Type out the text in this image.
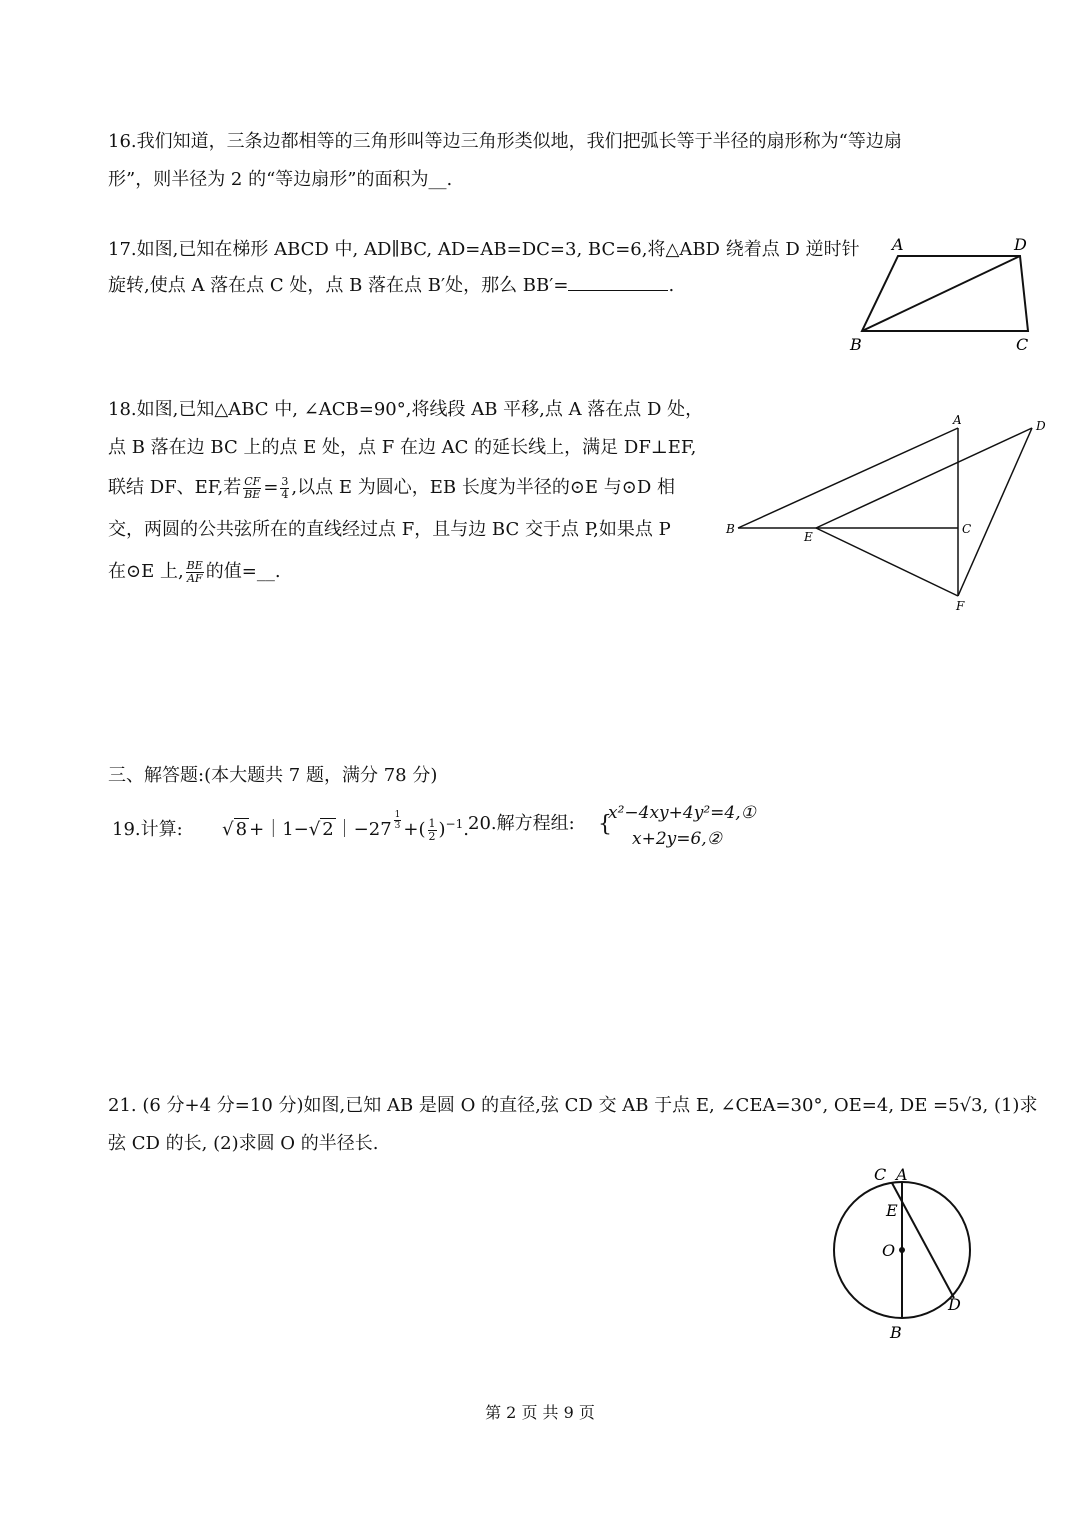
16.我们知道，三条边都相等的三角形叫等边三角形类似地，我们把弧长等于半径的扇形称为“等边扇

形”，则半径为 2 的“等边扇形”的面积为__.

17.如图,已知在梯形 ABCD 中, AD∥BC, AD=AB=DC=3, BC=6,将△ABD 绕着点 D 逆时针

旋转,使点 A 落在点 C 处，点 B 落在点 B′处，那么 BB′=	.

A	D
B	C

18.如图,已知△ABC 中, ∠ACB=90°,将线段 AB 平移,点 A 落在点 D 处，

点 B 落在边 BC 上的点 E 处，点 F 在边 AC 的延长线上，满足 DF⊥EF,

联结 DF、EF,若 $\frac{CF}{BE} = \frac{3}{4}$ ,以点 E 为圆心，EB 长度为半径的⊙E 与⊙D 相

交，两圆的公共弦所在的直线经过点 F，且与边 BC 交于点 P,如果点 P

在⊙E 上, $\frac{BE}{AF}$ 的值=__.

A	D
B
E
C
F

三、解答题:(本大题共 7 题，满分 78 分)

19.计算: √ 8 +｜1−√ 2 ｜−27 $\frac{1}{3}$ +( $\frac{1}{2} )^{-1}$. 20.解方程组: {
x²−4xy+4y²=4,①
x+2y=6,②

21. (6 分+4 分=10 分)如图,已知 AB 是圆 O 的直径,弦 CD 交 AB 于点 E, ∠CEA=30°, OE=4, DE =5√3, (1)求

弦 CD 的长, (2)求圆 O 的半径长.

C A
E
O
D
B
第 2 页 共 9 页
